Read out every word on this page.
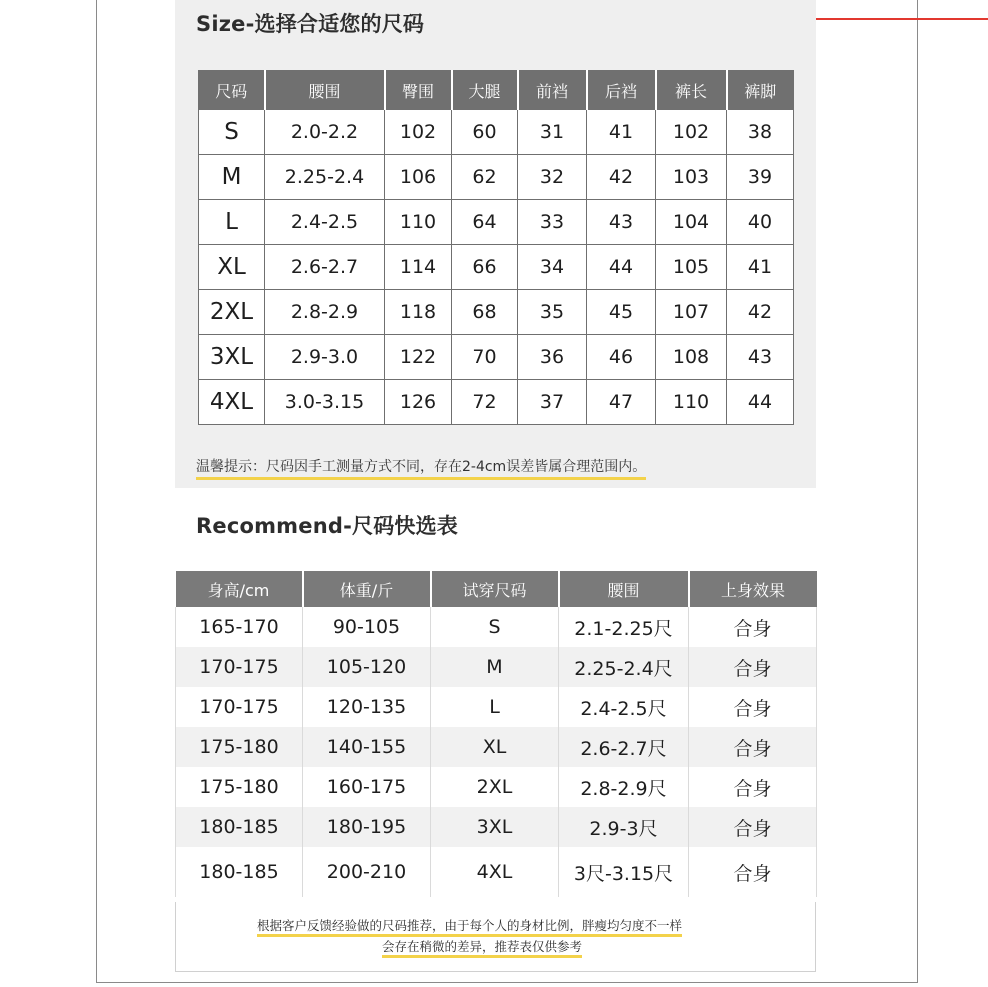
Size-选择合适您的尺码
尺码	腰围	臀围	大腿	前裆	后裆	裤长	裤脚
S	2.0-2.2	102	60	31	41	102	38
M	2.25-2.4	106	62	32	42	103	39
L	2.4-2.5	110	64	33	43	104	40
XL	2.6-2.7	114	66	34	44	105	41
2XL	2.8-2.9	118	68	35	45	107	42
3XL	2.9-3.0	122	70	36	46	108	43
4XL	3.0-3.15	126	72	37	47	110	44
温馨提示：尺码因手工测量方式不同，存在2-4cm误差皆属合理范围内。
Recommend-尺码快选表
身高/cm	体重/斤	试穿尺码	腰围	上身效果
165-170	90-105	S	2.1-2.25尺	合身
170-175	105-120	M	2.25-2.4尺	合身
170-175	120-135	L	2.4-2.5尺	合身
175-180	140-155	XL	2.6-2.7尺	合身
175-180	160-175	2XL	2.8-2.9尺	合身
180-185	180-195	3XL	2.9-3尺	合身
180-185	200-210	4XL	3尺-3.15尺	合身
根据客户反馈经验做的尺码推荐，由于每个人的身材比例，胖瘦均匀度不一样
会存在稍微的差异，推荐表仅供参考
